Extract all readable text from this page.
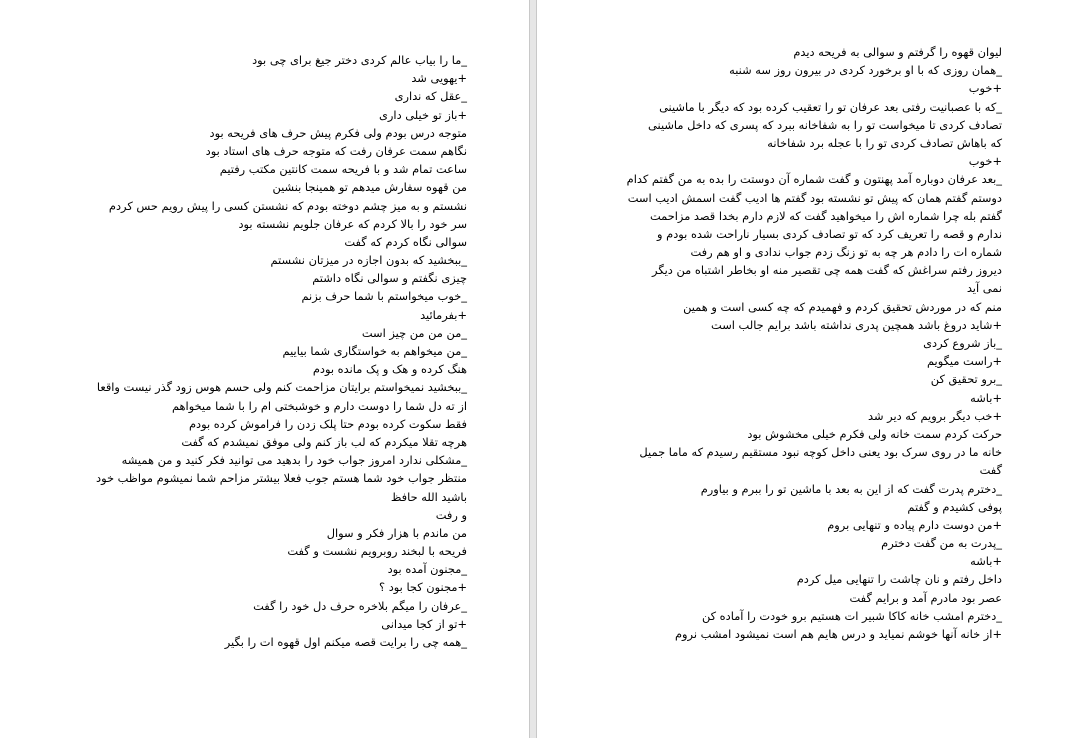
_ما را بیاب عالم کردی دختر جیغ برای چی بود
+یهویی شد
_عقل که نداری
+باز تو خیلی داری
متوجه درس بودم ولی فکرم پیش حرف های فریحه بود
نگاهم سمت عرفان رفت که متوجه حرف های استاد بود
ساعت تمام شد و با فریحه سمت کانتین مکتب رفتیم
من قهوه سفارش میدهم تو همینجا بنشین
نشستم و به میز چشم دوخته بودم که نشستن کسی را پیش رویم حس کردم
سر خود را بالا کردم که عرفان جلویم نشسته بود
سوالی نگاه کردم که گفت
_ببخشید که بدون اجازه در میزتان نشستم
چیزی نگفتم و سوالی نگاه داشتم
_خوب میخواستم با شما حرف بزنم
+بفرمائید
_من من من چیز است
_من میخواهم به خواستگاری شما بیاییم
هنگ کرده و هک و پک مانده بودم
_ببخشید نمیخواستم برایتان مزاحمت کنم ولی حسم هوس زود گذر نیست واقعا
از ته دل شما را دوست دارم و خوشبختی ام را با شما میخواهم
فقط سکوت کرده بودم حتا پلک زدن را فراموش کرده بودم
هرچه تقلا میکردم که لب باز کنم ولی موفق نمیشدم که گفت
_مشکلی ندارد امروز جواب خود را بدهید می توانید فکر کنید و من همیشه
منتظر جواب خود شما هستم جوب فعلا بیشتر مزاحم شما نمیشوم مواظب خود
باشید الله حافظ
و رفت
من ماندم با هزار فکر و سوال
فریحه با لبخند روبرویم نشست و گفت
_مجنون آمده بود
+مجنون کجا بود ؟
_عرفان را میگم بلاخره حرف دل خود را گفت
+تو از کجا میدانی
_همه چی را برایت قصه میکنم اول قهوه ات را بگیر
لیوان قهوه را گرفتم و سوالی به فریحه دیدم
_همان روزی که با او برخورد کردی در بیرون روز سه شنبه
+خوب
_که با عصبانیت رفتی بعد عرفان تو را تعقیب کرده بود که دیگر با ماشینی
تصادف کردی تا میخواست تو را به شفاخانه ببرد که پسری که داخل ماشینی
که باهاش تصادف کردی تو را با عجله برد شفاخانه
+خوب
_بعد عرفان دوباره آمد پهنتون و گفت شماره آن دوستت را بده به من گفتم کدام
دوستم گفتم همان که پیش تو نشسته بود گفتم ها ادیب گفت اسمش ادیب است
گفتم بله چرا شماره اش را میخواهید گفت که لازم دارم بخدا قصد مزاحمت
ندارم و قصه را تعریف کرد که تو تصادف کردی بسیار ناراحت شده بودم و
شماره ات را دادم هر چه به تو زنگ زدم جواب ندادی و او هم رفت
دیروز رفتم سراغش که گفت همه چی تقصیر منه او بخاطر اشتباه من دیگر
نمی آید
منم که در موردش تحقیق کردم و فهمیدم که چه کسی است و همین
+شاید دروغ باشد همچین پدری نداشته باشد برایم جالب است
_باز شروع کردی
+راست میگویم
_برو تحقیق کن
+باشه
+خب دیگر برویم که دیر شد
حرکت کردم سمت خانه ولی فکرم خیلی مخشوش بود
خانه ما در روی سرک بود یعنی داخل کوچه نبود مستقیم رسیدم که ماما جمیل
گفت
_دخترم پدرت گفت که از این به بعد با ماشین تو را ببرم و بیاورم
پوفی کشیدم و گفتم
+من دوست دارم پیاده و تنهایی بروم
_پدرت به من گفت دخترم
+باشه
داخل رفتم و نان چاشت را تنهایی میل کردم
عصر بود مادرم آمد و برایم گفت
_دخترم امشب خانه کاکا شبیر ات هستیم برو خودت را آماده کن
+از خانه آنها خوشم نمیاید و درس هایم هم است نمیشود امشب نروم
